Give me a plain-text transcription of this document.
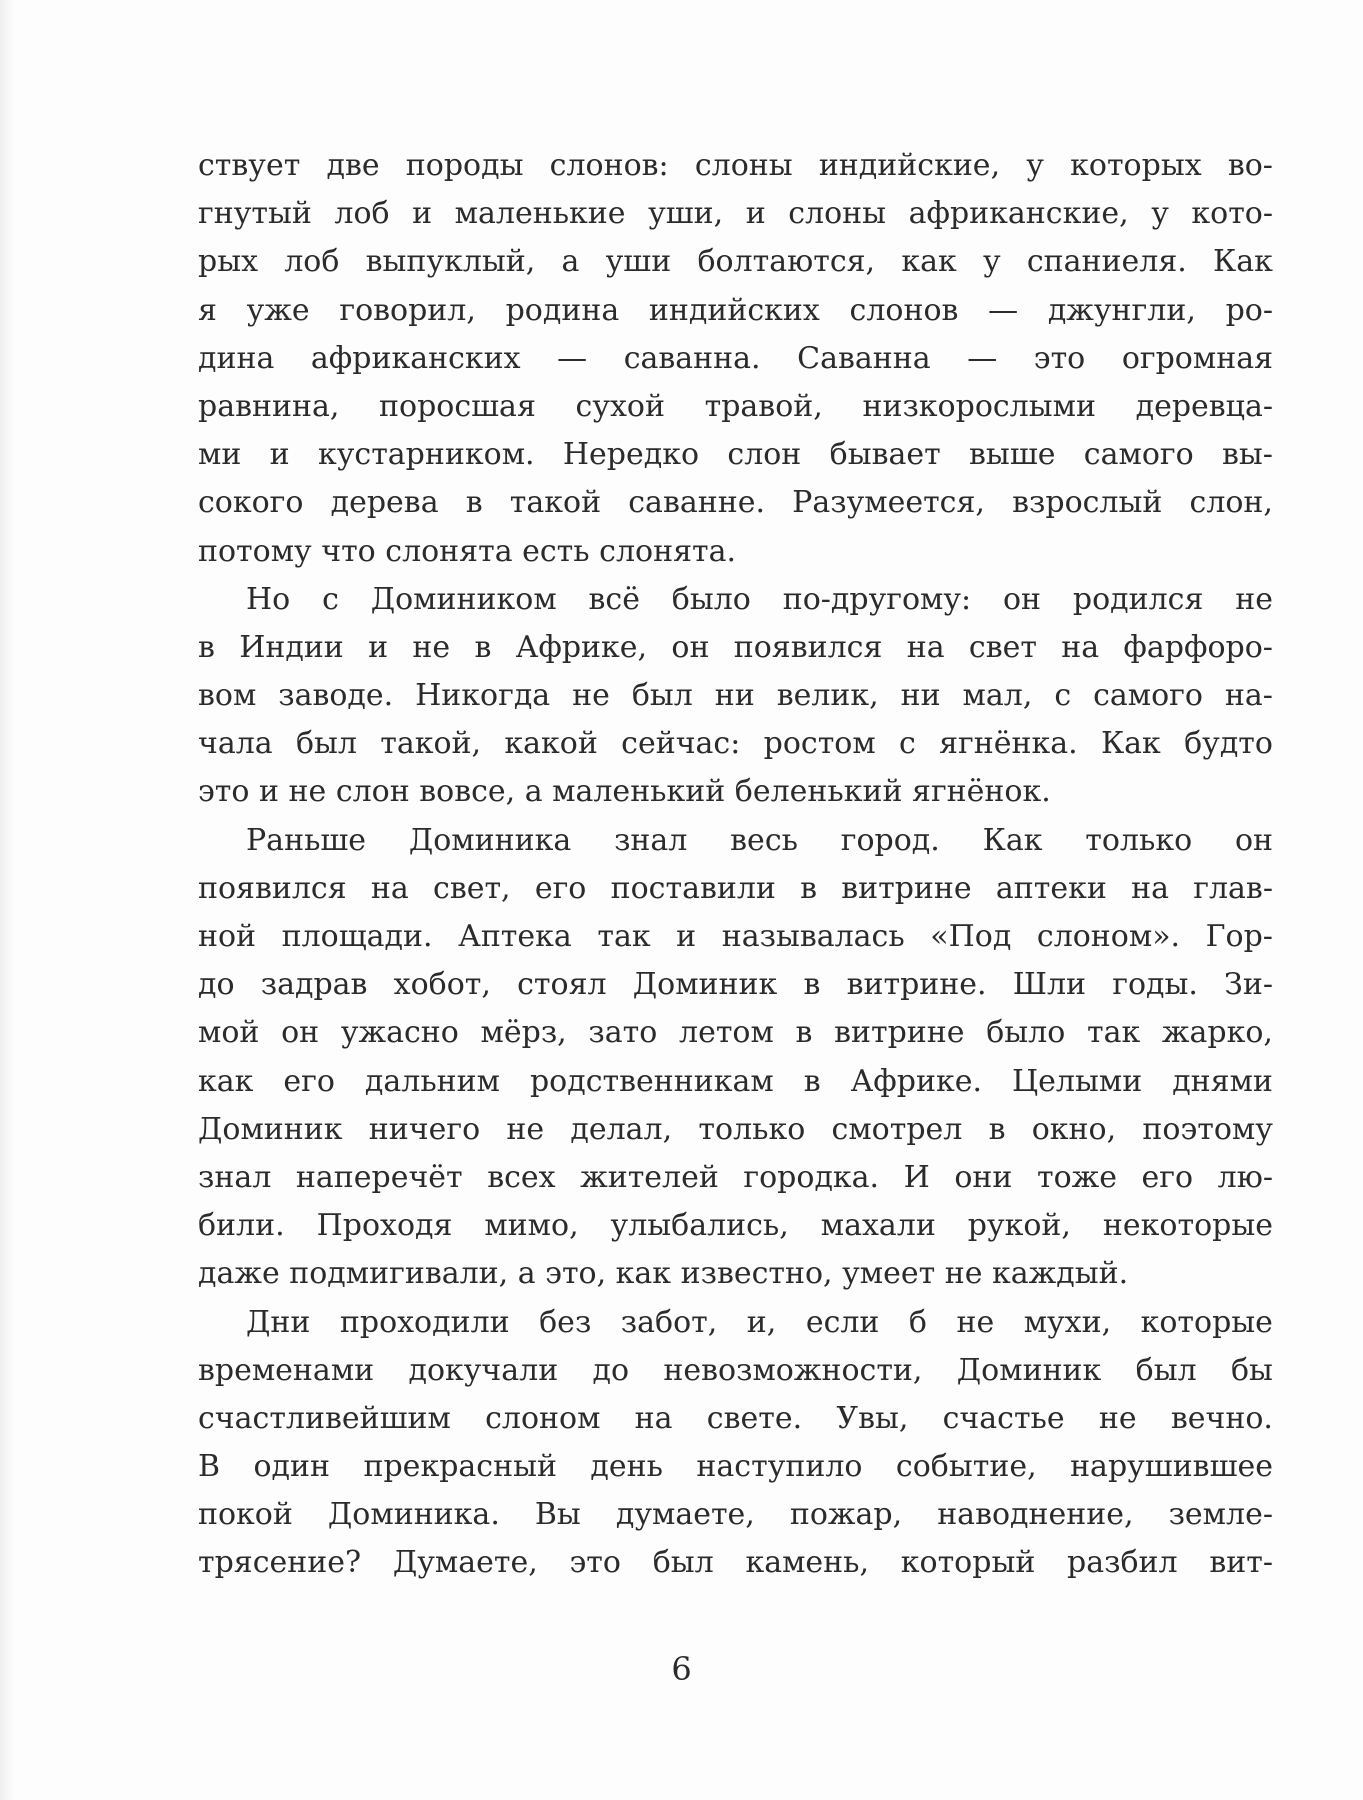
ствует две породы слонов: слоны индийские, у которых во-
гнутый лоб и маленькие уши, и слоны африканские, у кото-
рых лоб выпуклый, а уши болтаются, как у спаниеля. Как
я уже говорил, родина индийских слонов — джунгли, ро-
дина африканских — саванна. Саванна — это огромная
равнина, поросшая сухой травой, низкорослыми деревца-
ми и кустарником. Нередко слон бывает выше самого вы-
сокого дерева в такой саванне. Разумеется, взрослый слон,
потому что слонята есть слонята.
Но с Домиником всё было по-другому: он родился не
в Индии и не в Африке, он появился на свет на фарфоро-
вом заводе. Никогда не был ни велик, ни мал, с самого на-
чала был такой, какой сейчас: ростом с ягнёнка. Как будто
это и не слон вовсе, а маленький беленький ягнёнок.
Раньше Доминика знал весь город. Как только он
появился на свет, его поставили в витрине аптеки на глав-
ной площади. Аптека так и называлась «Под слоном». Гор-
до задрав хобот, стоял Доминик в витрине. Шли годы. Зи-
мой он ужасно мёрз, зато летом в витрине было так жарко,
как его дальним родственникам в Африке. Целыми днями
Доминик ничего не делал, только смотрел в окно, поэтому
знал наперечёт всех жителей городка. И они тоже его лю-
били. Проходя мимо, улыбались, махали рукой, некоторые
даже подмигивали, а это, как известно, умеет не каждый.
Дни проходили без забот, и, если б не мухи, которые
временами докучали до невозможности, Доминик был бы
счастливейшим слоном на свете. Увы, счастье не вечно.
В один прекрасный день наступило событие, нарушившее
покой Доминика. Вы думаете, пожар, наводнение, земле-
трясение? Думаете, это был камень, который разбил вит-
6
